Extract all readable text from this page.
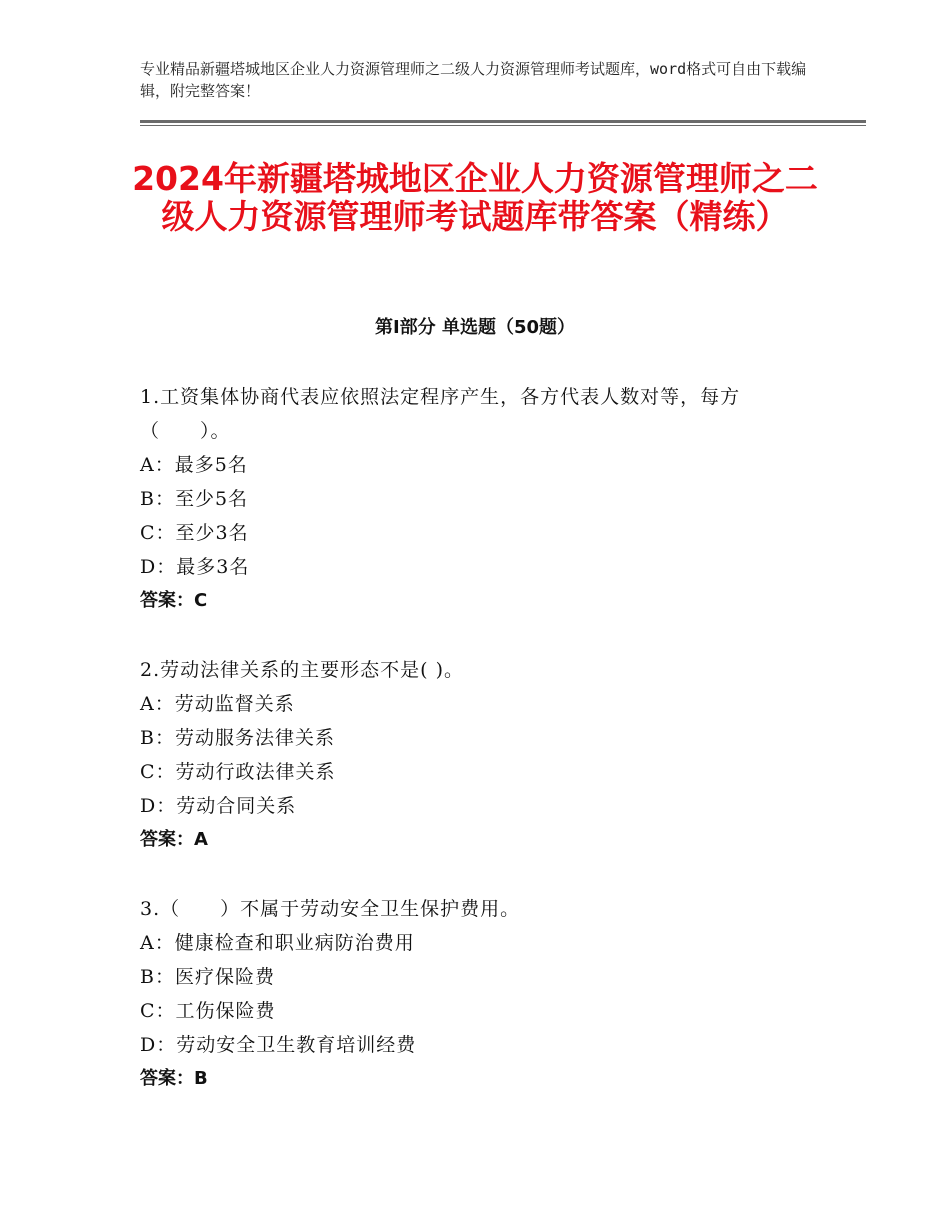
专业精品新疆塔城地区企业人力资源管理师之二级人力资源管理师考试题库，word格式可自由下载编辑，附完整答案！
2024年新疆塔城地区企业人力资源管理师之二级人力资源管理师考试题库带答案（精练）
第Ⅰ部分 单选题（50题）

1.工资集体协商代表应依照法定程序产生，各方代表人数对等，每方（　　）。

A：最多5名

B：至少5名

C：至少3名

D：最多3名

答案：C

2.劳动法律关系的主要形态不是( )。

A：劳动监督关系

B：劳动服务法律关系

C：劳动行政法律关系

D：劳动合同关系

答案：A

3.（　　）不属于劳动安全卫生保护费用。

A：健康检查和职业病防治费用

B：医疗保险费

C：工伤保险费

D：劳动安全卫生教育培训经费

答案：B
